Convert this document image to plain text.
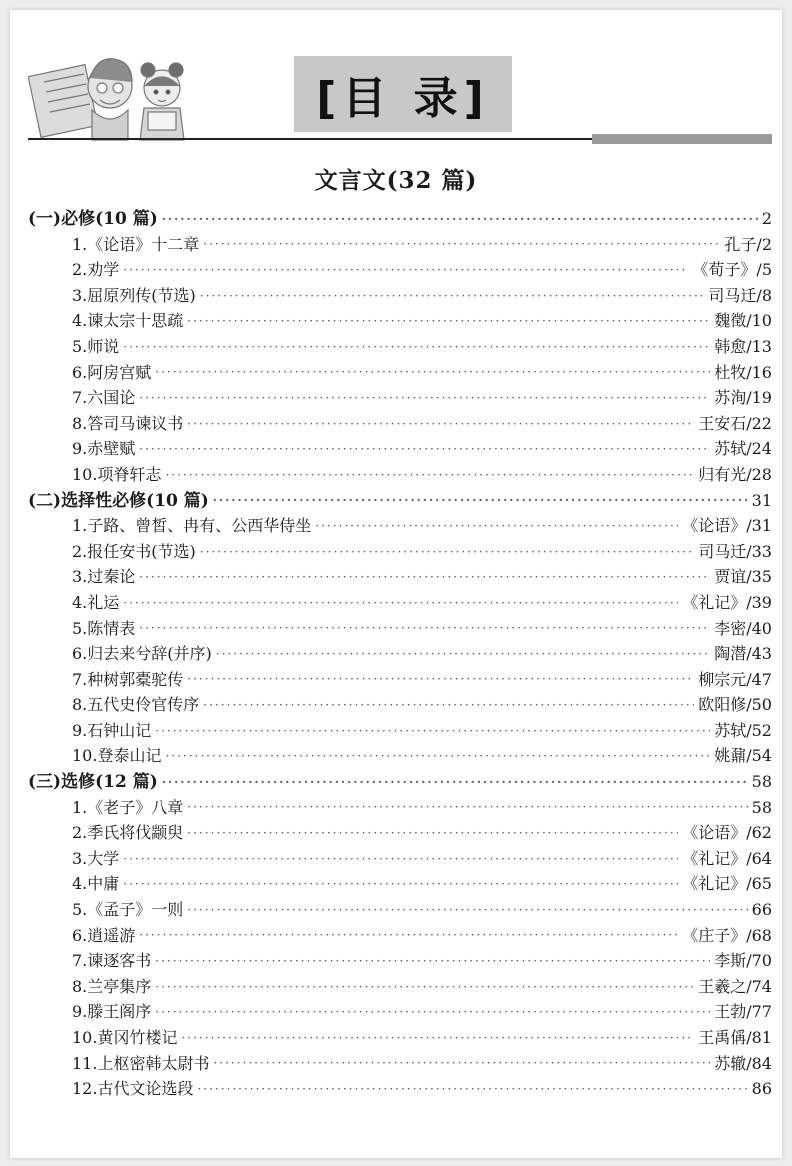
[目 录]
文言文(32 篇)
(一)必修(10 篇) ·····	2
1.《论语》十二章 ·····	孔子/2
2.劝学 ·····	《荀子》/5
3.屈原列传(节选) ·····	司马迁/8
4.谏太宗十思疏 ·····	魏徵/10
5.师说 ·····	韩愈/13
6.阿房宫赋 ·····	杜牧/16
7.六国论 ·····	苏洵/19
8.答司马谏议书 ·····	王安石/22
9.赤壁赋 ·····	苏轼/24
10.项脊轩志 ·····	归有光/28
(二)选择性必修(10 篇) ·····	31
1.子路、曾皙、冉有、公西华侍坐 ·····	《论语》/31
2.报任安书(节选) ·····	司马迁/33
3.过秦论 ·····	贾谊/35
4.礼运 ·····	《礼记》/39
5.陈情表 ·····	李密/40
6.归去来兮辞(并序) ·····	陶潜/43
7.种树郭橐驼传 ·····	柳宗元/47
8.五代史伶官传序 ·····	欧阳修/50
9.石钟山记 ·····	苏轼/52
10.登泰山记 ·····	姚鼐/54
(三)选修(12 篇) ·····	58
1.《老子》八章 ·····	58
2.季氏将伐颛臾 ·····	《论语》/62
3.大学 ·····	《礼记》/64
4.中庸 ·····	《礼记》/65
5.《孟子》一则 ·····	66
6.逍遥游 ·····	《庄子》/68
7.谏逐客书 ·····	李斯/70
8.兰亭集序 ·····	王羲之/74
9.滕王阁序 ·····	王勃/77
10.黄冈竹楼记 ·····	王禹偁/81
11.上枢密韩太尉书 ·····	苏辙/84
12.古代文论选段 ·····	86
